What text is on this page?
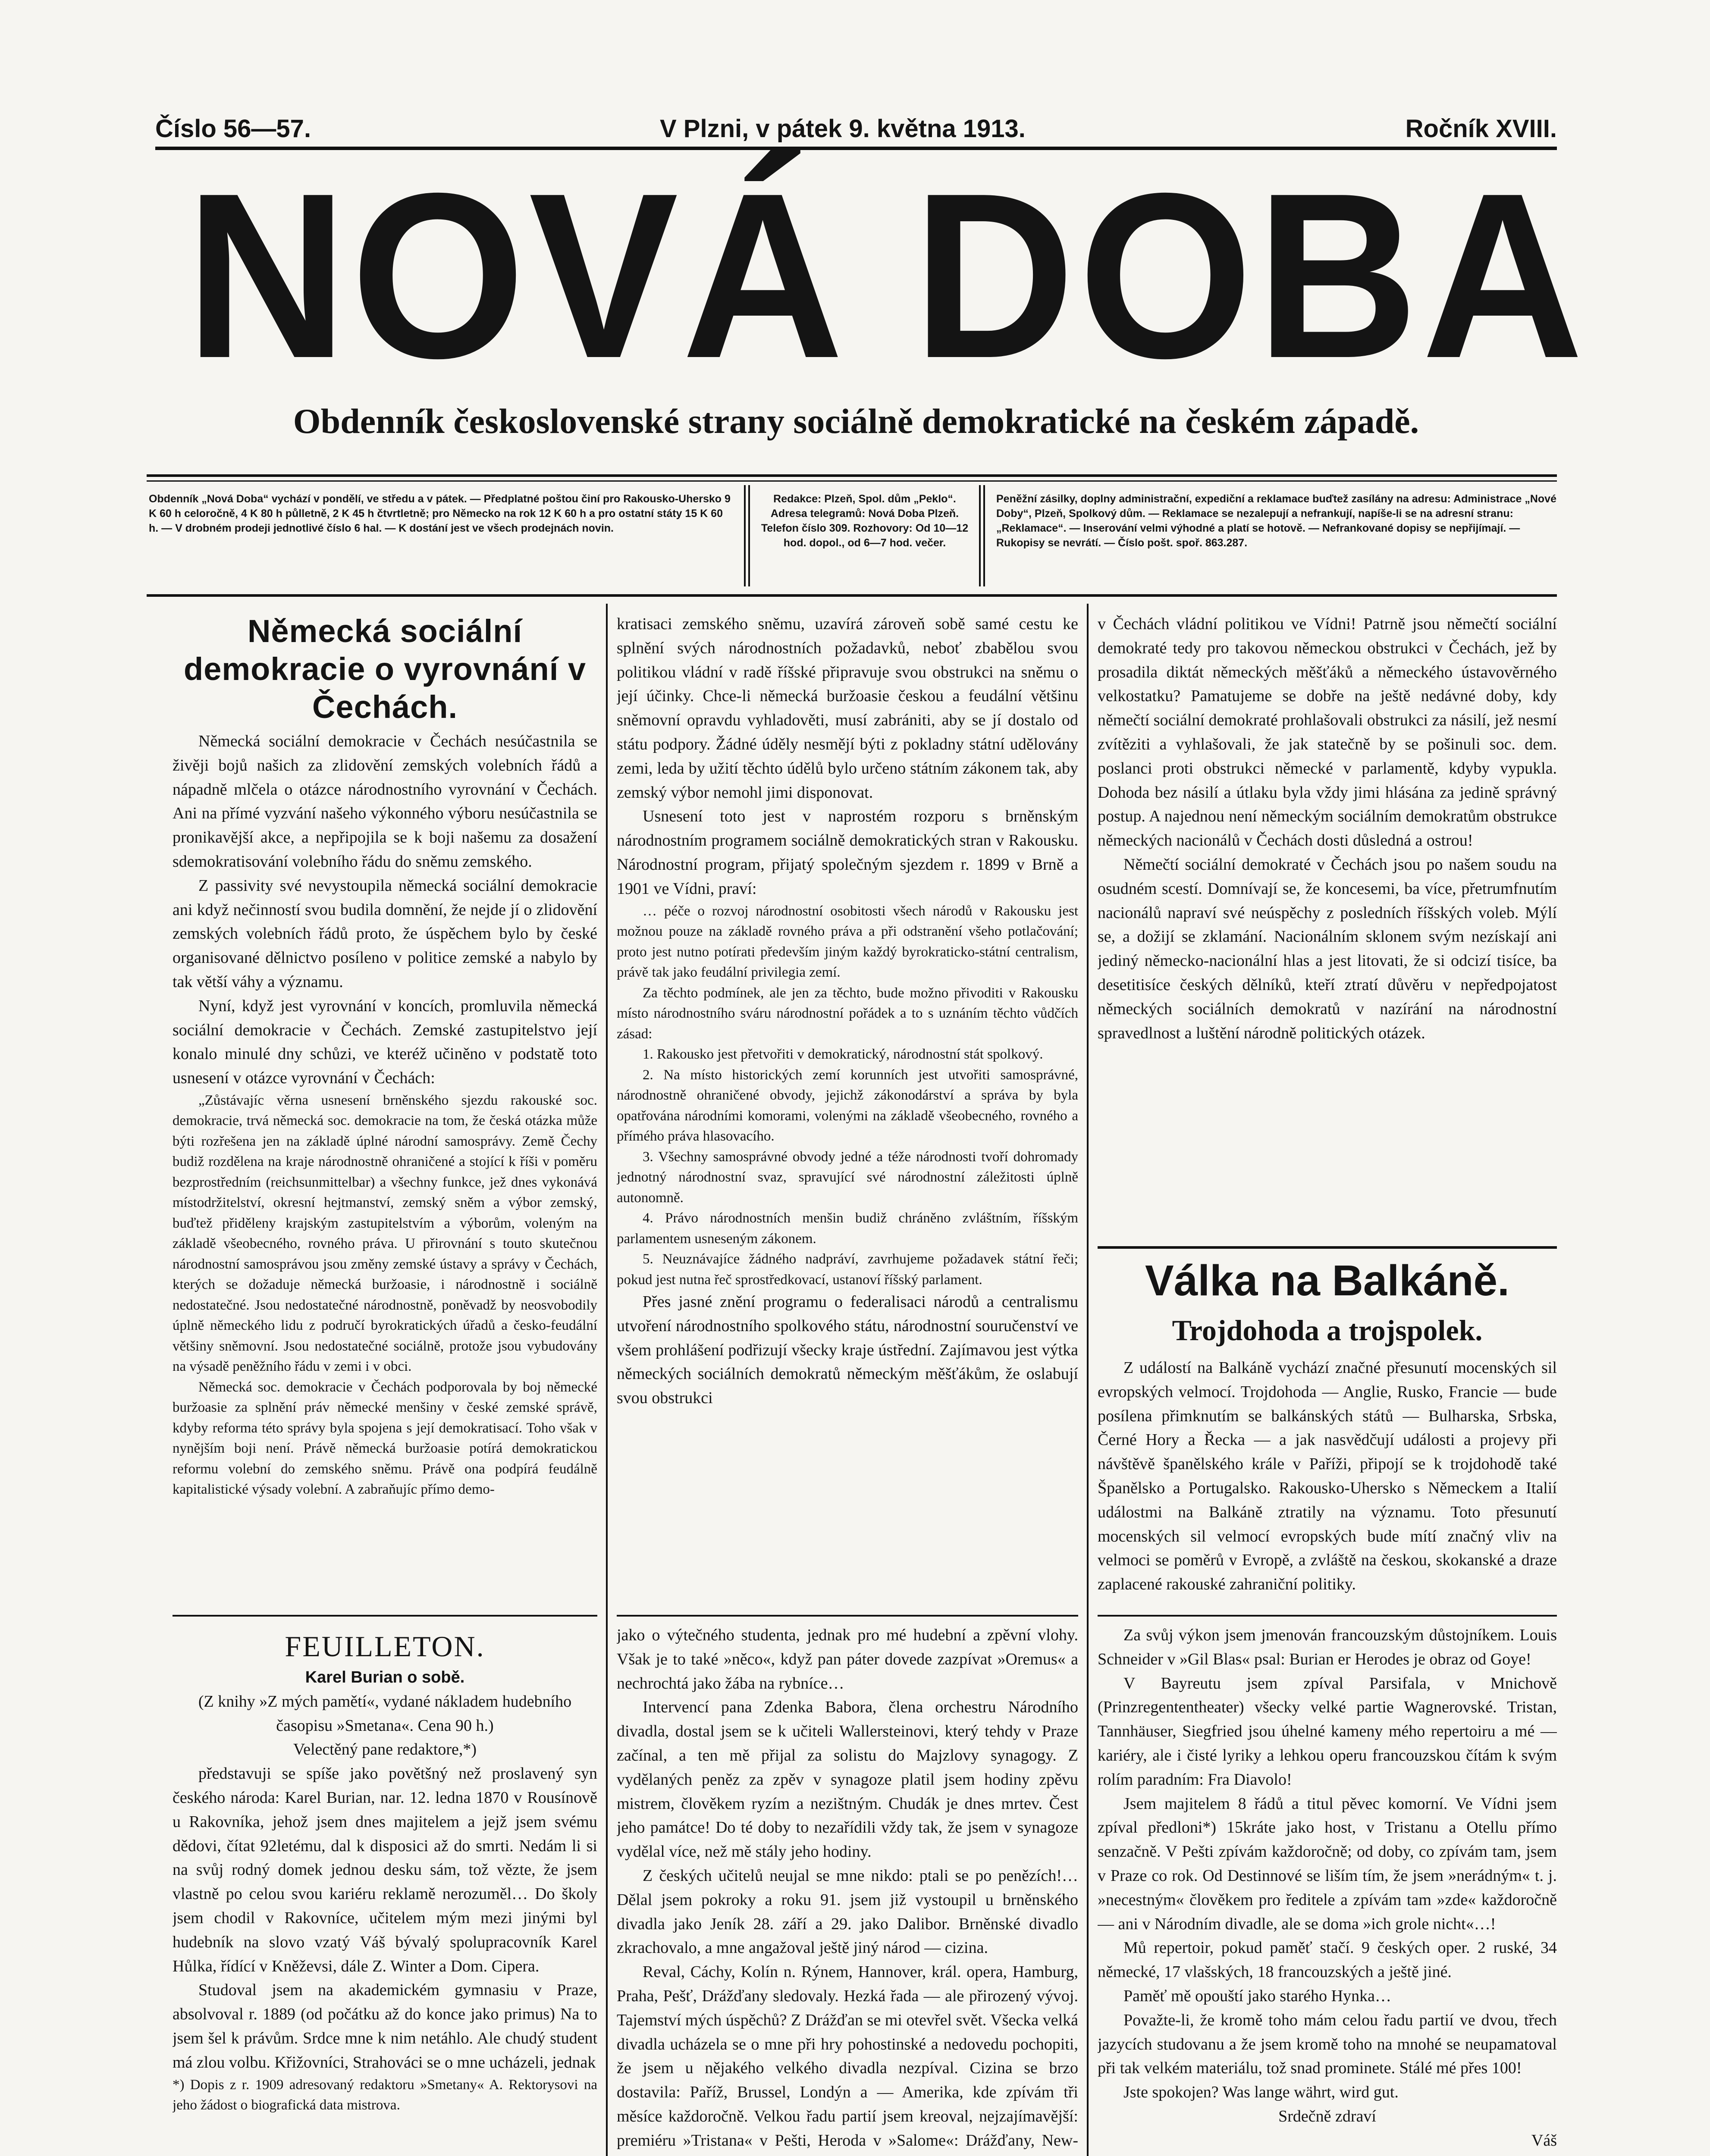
Číslo 56—57.	V Plzni, v pátek 9. května 1913.	Ročník XVIII.
NOVÁ DOBA
Obdenník československé strany sociálně demokratické na českém západě.

Obdenník „Nová Doba“ vychází v pondělí, ve středu a v pátek. — Předplatné poštou činí pro Rakousko-Uhersko 9 K 60 h celoročně, 4 K 80 h půlletně, 2 K 45 h čtvrtletně; pro Německo na rok 12 K 60 h a pro ostatní státy 15 K 60 h. — V drobném prodeji jednotlivé číslo 6 hal. — K dostání jest ve všech prodejnách novin.

Redakce: Plzeň, Spol. dům „Peklo“. Adresa telegramů: Nová Doba Plzeň. Telefon číslo 309. Rozhovory: Od 10—12 hod. dopol., od 6—7 hod. večer.

Peněžní zásilky, doplny administrační, expediční a reklamace buďtež zasílány na adresu: Administrace „Nové Doby“, Plzeň, Spolkový dům. — Reklamace se nezalepují a nefrankují, napíše-li se na adresní stranu: „Reklamace“. — Inserování velmi výhodné a platí se hotově. — Nefrankované dopisy se nepřijímají. — Rukopisy se nevrátí. — Číslo pošt. spoř. 863.287.

Německá sociální demokracie o vyrovnání v Čechách.

Německá sociální demokracie v Čechách nesúčastnila se živěji bojů našich za zlidovění zemských volebních řádů a nápadně mlčela o otázce národnostního vyrovnání v Čechách. Ani na přímé vyzvání našeho výkonného výboru nesúčastnila se pronikavější akce, a nepřipojila se k boji našemu za dosažení sdemokratisování volebního řádu do sněmu zemského.

Z passivity své nevystoupila německá sociální demokracie ani když nečinností svou budila domnění, že nejde jí o zlidovění zemských volebních řádů proto, že úspěchem bylo by české organisované dělnictvo posíleno v politice zemské a nabylo by tak větší váhy a významu.

Nyní, když jest vyrovnání v koncích, promluvila německá sociální demokracie v Čechách. Zemské zastupitelstvo její konalo minulé dny schůzi, ve kteréž učiněno v podstatě toto usnesení v otázce vyrovnání v Čechách:

„Zůstávajíc věrna usnesení brněnského sjezdu rakouské soc. demokracie, trvá německá soc. demokracie na tom, že česká otázka může býti rozřešena jen na základě úplné národní samosprávy. Země Čechy budiž rozdělena na kraje národnostně ohraničené a stojící k říši v poměru bezprostředním (reichsunmittelbar) a všechny funkce, jež dnes vykonává místodržitelství, okresní hejtmanství, zemský sněm a výbor zemský, buďtež přiděleny krajským zastupitelstvím a výborům, voleným na základě všeobecného, rovného práva. U přirovnání s touto skutečnou národnostní samosprávou jsou změny zemské ústavy a správy v Čechách, kterých se dožaduje německá buržoasie, i národnostně i sociálně nedostatečné. Jsou nedostatečné národnostně, poněvadž by neosvobodily úplně německého lidu z područí byrokratických úřadů a česko-feudální většiny sněmovní. Jsou nedostatečné sociálně, protože jsou vybudovány na výsadě peněžního řádu v zemi i v obci.

Německá soc. demokracie v Čechách podporovala by boj německé buržoasie za splnění práv německé menšiny v české zemské správě, kdyby reforma této správy byla spojena s její demokratisací. Toho však v nynějším boji není. Právě německá buržoasie potírá demokratickou reformu volební do zemského sněmu. Právě ona podpírá feudálně kapitalistické výsady volební. A zabraňujíc přímo demo-

FEUILLETON.

Karel Burian o sobě.

(Z knihy »Z mých pamětí«, vydané nákladem hudebního časopisu »Smetana«. Cena 90 h.)

Velectěný pane redaktore,*)

představuji se spíše jako povětšný než proslavený syn českého národa: Karel Burian, nar. 12. ledna 1870 v Rousínově u Rakovníka, jehož jsem dnes majitelem a jejž jsem svému dědovi, čítat 92letému, dal k disposici až do smrti. Nedám li si na svůj rodný domek jednou desku sám, tož vězte, že jsem vlastně po celou svou kariéru reklamě nerozuměl… Do školy jsem chodil v Rakovníce, učitelem mým mezi jinými byl hudebník na slovo vzatý Váš bývalý spolupracovník Karel Hůlka, řídící v Kněževsi, dále Z. Winter a Dom. Cipera.

Studoval jsem na akademickém gymnasiu v Praze, absolvoval r. 1889 (od počátku až do konce jako primus) Na to jsem šel k právům. Srdce mne k nim netáhlo. Ale chudý student má zlou volbu. Křižovníci, Strahováci se o mne ucházeli, jednak

*) Dopis z r. 1909 adresovaný redaktoru »Smetany« A. Rektorysovi na jeho žádost o biografická data mistrova.

kratisaci zemského sněmu, uzavírá zároveň sobě samé cestu ke splnění svých národnostních požadavků, neboť zbabělou svou politikou vládní v radě říšské připravuje svou obstrukci na sněmu o její účinky. Chce-li německá buržoasie českou a feudální většinu sněmovní opravdu vyhladověti, musí zabrániti, aby se jí dostalo od státu podpory. Žádné úděly nesmějí býti z pokladny státní udělovány zemi, leda by užití těchto údělů bylo určeno státním zákonem tak, aby zemský výbor nemohl jimi disponovat.

Usnesení toto jest v naprostém rozporu s brněnským národnostním programem sociálně demokratických stran v Rakousku. Národnostní program, přijatý společným sjezdem r. 1899 v Brně a 1901 ve Vídni, praví:

… péče o rozvoj národnostní osobitosti všech národů v Rakousku jest možnou pouze na základě rovného práva a při odstranění všeho potlačování; proto jest nutno potírati především jiným každý byrokraticko-státní centralism, právě tak jako feudální privilegia zemí.

Za těchto podmínek, ale jen za těchto, bude možno přivoditi v Rakousku místo národnostního sváru národnostní pořádek a to s uznáním těchto vůdčích zásad:

1. Rakousko jest přetvořiti v demokratický, národnostní stát spolkový.

2. Na místo historických zemí korunních jest utvořiti samosprávné, národnostně ohraničené obvody, jejichž zákonodárství a správa by byla opatřována národními komorami, volenými na základě všeobecného, rovného a přímého práva hlasovacího.

3. Všechny samosprávné obvody jedné a téže národnosti tvoří dohromady jednotný národnostní svaz, spravující své národnostní záležitosti úplně autonomně.

4. Právo národnostních menšin budiž chráněno zvláštním, říšským parlamentem usneseným zákonem.

5. Neuznávajíce žádného nadpráví, zavrhujeme požadavek státní řeči; pokud jest nutna řeč sprostředkovací, ustanoví říšský parlament.

Přes jasné znění programu o federalisaci národů a centralismu utvoření národnostního spolkového státu, národnostní souručenství ve všem prohlášení podřizují všecky kraje ústřední. Zajímavou jest výtka německých sociálních demokratů německým měšťákům, že oslabují svou obstrukci

jako o výtečného studenta, jednak pro mé hudební a zpěvní vlohy. Však je to také »něco«, když pan páter dovede zazpívat »Oremus« a nechrochtá jako žába na rybníce…

Intervencí pana Zdenka Babora, člena orchestru Národního divadla, dostal jsem se k učiteli Wallersteinovi, který tehdy v Praze začínal, a ten mě přijal za solistu do Majzlovy synagogy. Z vydělaných peněz za zpěv v synagoze platil jsem hodiny zpěvu mistrem, člověkem ryzím a nezištným. Chudák je dnes mrtev. Čest jeho památce! Do té doby to nezařídili vždy tak, že jsem v synagoze vydělal více, než mě stály jeho hodiny.

Z českých učitelů neujal se mne nikdo: ptali se po penězích!… Dělal jsem pokroky a roku 91. jsem již vystoupil u brněnského divadla jako Jeník 28. září a 29. jako Dalibor. Brněnské divadlo zkrachovalo, a mne angažoval ještě jiný národ — cizina.

Reval, Cáchy, Kolín n. Rýnem, Hannover, král. opera, Hamburg, Praha, Pešť, Drážďany sledovaly. Hezká řada — ale přirozený vývoj. Tajemství mých úspěchů? Z Drážďan se mi otevřel svět. Všecka velká divadla ucházela se o mne při hry pohostinské a nedovedu pochopiti, že jsem u nějakého velkého divadla nezpíval. Cizina se brzo dostavila: Paříž, Brussel, Londýn a — Amerika, kde zpívám tři měsíce každoročně. Velkou řadu partií jsem kreoval, nejzajímavější: premiéru »Tristana« v Pešti, Heroda v »Salome«: Drážďany, New-

v Čechách vládní politikou ve Vídni! Patrně jsou němečtí sociální demokraté tedy pro takovou německou obstrukci v Čechách, jež by prosadila diktát německých měšťáků a německého ústavověrného velkostatku? Pamatujeme se dobře na ještě nedávné doby, kdy němečtí sociální demokraté prohlašovali obstrukci za násilí, jež nesmí zvítěziti a vyhlašovali, že jak statečně by se pošinuli soc. dem. poslanci proti obstrukci německé v parlamentě, kdyby vypukla. Dohoda bez násilí a útlaku byla vždy jimi hlásána za jedině správný postup. A najednou není německým sociálním demokratům obstrukce německých nacionálů v Čechách dosti důsledná a ostrou!

Němečtí sociální demokraté v Čechách jsou po našem soudu na osudném scestí. Domnívají se, že koncesemi, ba více, přetrumfnutím nacionálů napraví své neúspěchy z posledních říšských voleb. Mýlí se, a dožijí se zklamání. Nacionálním sklonem svým nezískají ani jediný německo-nacionální hlas a jest litovati, že si odcizí tisíce, ba desetitisíce českých dělníků, kteří ztratí důvěru v nepředpojatost německých sociálních demokratů v nazírání na národnostní spravedlnost a luštění národně politických otázek.

Válka na Balkáně.
Trojdohoda a trojspolek.

Z událostí na Balkáně vychází značné přesunutí mocenských sil evropských velmocí. Trojdohoda — Anglie, Rusko, Francie — bude posílena přimknutím se balkánských států — Bulharska, Srbska, Černé Hory a Řecka — a jak nasvědčují události a projevy při návštěvě španělského krále v Paříži, připojí se k trojdohodě také Španělsko a Portugalsko. Rakousko-Uhersko s Německem a Italií událostmi na Balkáně ztratily na významu. Toto přesunutí mocenských sil velmocí evropských bude mítí značný vliv na velmoci se poměrů v Evropě, a zvláště na českou, skokanské a draze zaplacené rakouské zahraniční politiky.

Za svůj výkon jsem jmenován francouzským důstojníkem. Louis Schneider v »Gil Blas« psal: Burian er Herodes je obraz od Goye!

V Bayreutu jsem zpíval Parsifala, v Mnichově (Prinzregententheater) všecky velké partie Wagnerovské. Tristan, Tannhäuser, Siegfried jsou úhelné kameny mého repertoiru a mé — kariéry, ale i čisté lyriky a lehkou operu francouzskou čítám k svým rolím paradním: Fra Diavolo!

Jsem majitelem 8 řádů a titul pěvec komorní. Ve Vídni jsem zpíval předloni*) 15kráte jako host, v Tristanu a Otellu přímo senzačně. V Pešti zpívám každoročně; od doby, co zpívám tam, jsem v Praze co rok. Od Destinnové se liším tím, že jsem »nerádným« t. j. »necestným« člověkem pro ředitele a zpívám tam »zde« každoročně — ani v Národním divadle, ale se doma »ich grole nicht«…!

Mů repertoir, pokud paměť stačí. 9 českých oper. 2 ruské, 34 německé, 17 vlašských, 18 francouzských a ještě jiné.

Paměť mě opouští jako starého Hynka…

Považte-li, že kromě toho mám celou řadu partií ve dvou, třech jazycích studovanu a že jsem kromě toho na mnohé se neupamatoval při tak velkém materiálu, tož snad prominete. Stálé mé přes 100!

Jste spokojen? Was lange währt, wird gut.

Srdečně zdraví

Váš
